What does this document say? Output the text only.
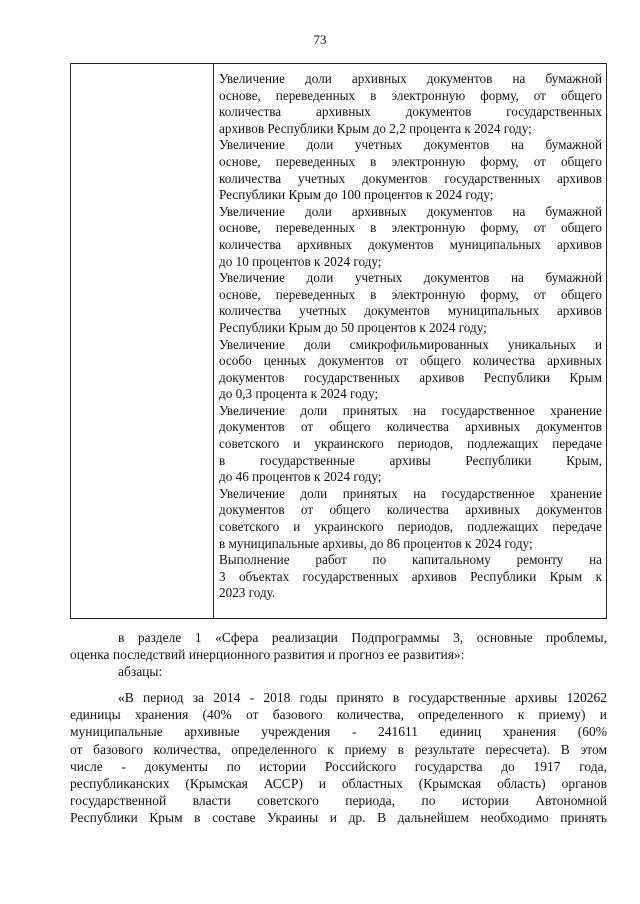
73
Увеличение доли архивных документов на бумажной
основе, переведенных в электронную форму, от общего
количества архивных документов государственных
архивов Республики Крым до 2,2 процента к 2024 году;
Увеличение доли учетных документов на бумажной
основе, переведенных в электронную форму, от общего
количества учетных документов государственных архивов
Республики Крым до 100 процентов к 2024 году;
Увеличение доли архивных документов на бумажной
основе, переведенных в электронную форму, от общего
количества архивных документов муниципальных архивов
до 10 процентов к 2024 году;
Увеличение доли учетных документов на бумажной
основе, переведенных в электронную форму, от общего
количества учетных документов муниципальных архивов
Республики Крым до 50 процентов к 2024 году;
Увеличение доли смикрофильмированных уникальных и
особо ценных документов от общего количества архивных
документов государственных архивов Республики Крым
до 0,3 процента к 2024 году;
Увеличение доли принятых на государственное хранение
документов от общего количества архивных документов
советского и украинского периодов, подлежащих передаче
в государственные архивы Республики Крым,
до 46 процентов к 2024 году;
Увеличение доли принятых на государственное хранение
документов от общего количества архивных документов
советского и украинского периодов, подлежащих передаче
в муниципальные архивы, до 86 процентов к 2024 году;
Выполнение работ по капитальному ремонту на
3 объектах государственных архивов Республики Крым к
2023 году.
в разделе 1 «Сфера реализации Подпрограммы 3, основные проблемы,
оценка последствий инерционного развития и прогноз ее развития»:
абзацы:
«В период за 2014 - 2018 годы принято в государственные архивы 120262
единицы хранения (40% от базового количества, определенного к приему) и
муниципальные архивные учреждения - 241611 единиц хранения (60%
от базового количества, определенного к приему в результате пересчета). В этом
числе - документы по истории Российского государства до 1917 года,
республиканских (Крымская АССР) и областных (Крымская область) органов
государственной власти советского периода, по истории Автономной
Республики Крым в составе Украины и др. В дальнейшем необходимо принять
